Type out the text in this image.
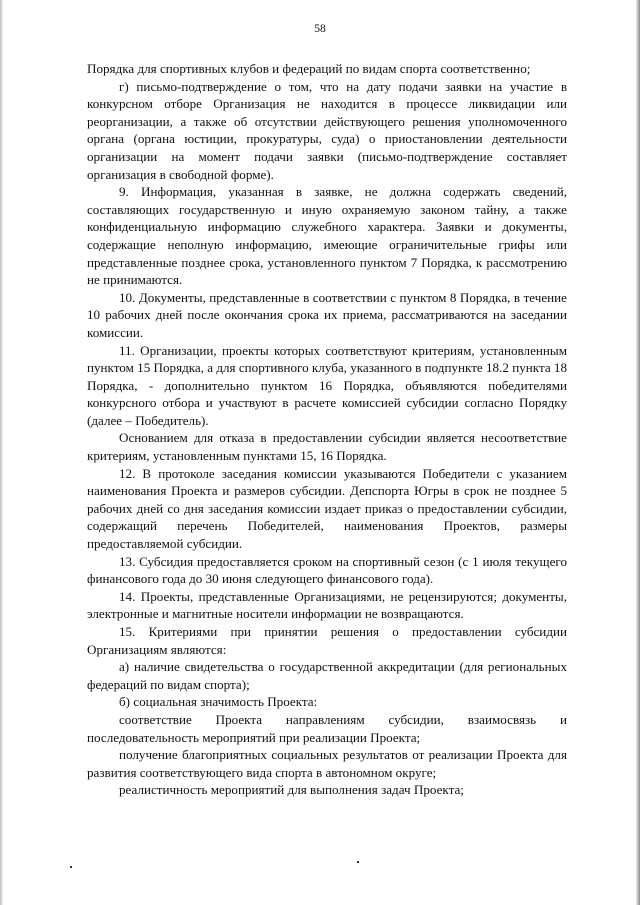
58

Порядка для спортивных клубов и федераций по видам спорта соответственно;

г) письмо-подтверждение о том, что на дату подачи заявки на участие в конкурсном отборе Организация не находится в процессе ликвидации или реорганизации, а также об отсутствии действующего решения уполномоченного органа (органа юстиции, прокуратуры, суда) о приостановлении деятельности организации на момент подачи заявки (письмо-подтверждение составляет организация в свободной форме).

9. Информация, указанная в заявке, не должна содержать сведений, составляющих государственную и иную охраняемую законом тайну, а также конфиденциальную информацию служебного характера. Заявки и документы, содержащие неполную информацию, имеющие ограничительные грифы или представленные позднее срока, установленного пунктом 7 Порядка, к рассмотрению не принимаются.

10. Документы, представленные в соответствии с пунктом 8 Порядка, в течение 10 рабочих дней после окончания срока их приема, рассматриваются на заседании комиссии.

11. Организации, проекты которых соответствуют критериям, установленным пунктом 15 Порядка, а для спортивного клуба, указанного в подпункте 18.2 пункта 18 Порядка, - дополнительно пунктом 16 Порядка, объявляются победителями конкурсного отбора и участвуют в расчете комиссией субсидии согласно Порядку (далее – Победитель).

Основанием для отказа в предоставлении субсидии является несоответствие критериям, установленным пунктами 15, 16 Порядка.

12. В протоколе заседания комиссии указываются Победители с указанием наименования Проекта и размеров субсидии. Депспорта Югры в срок не позднее 5 рабочих дней со дня заседания комиссии издает приказ о предоставлении субсидии, содержащий перечень Победителей, наименования Проектов, размеры предоставляемой субсидии.

13. Субсидия предоставляется сроком на спортивный сезон (с 1 июля текущего финансового года до 30 июня следующего финансового года).

14. Проекты, представленные Организациями, не рецензируются; документы, электронные и магнитные носители информации не возвращаются.

15. Критериями при принятии решения о предоставлении субсидии Организациям являются:

а) наличие свидетельства о государственной аккредитации (для региональных федераций по видам спорта);

б) социальная значимость Проекта:

соответствие Проекта направлениям субсидии, взаимосвязь и последовательность мероприятий при реализации Проекта;

получение благоприятных социальных результатов от реализации Проекта для развития соответствующего вида спорта в автономном округе;

реалистичность мероприятий для выполнения задач Проекта;
